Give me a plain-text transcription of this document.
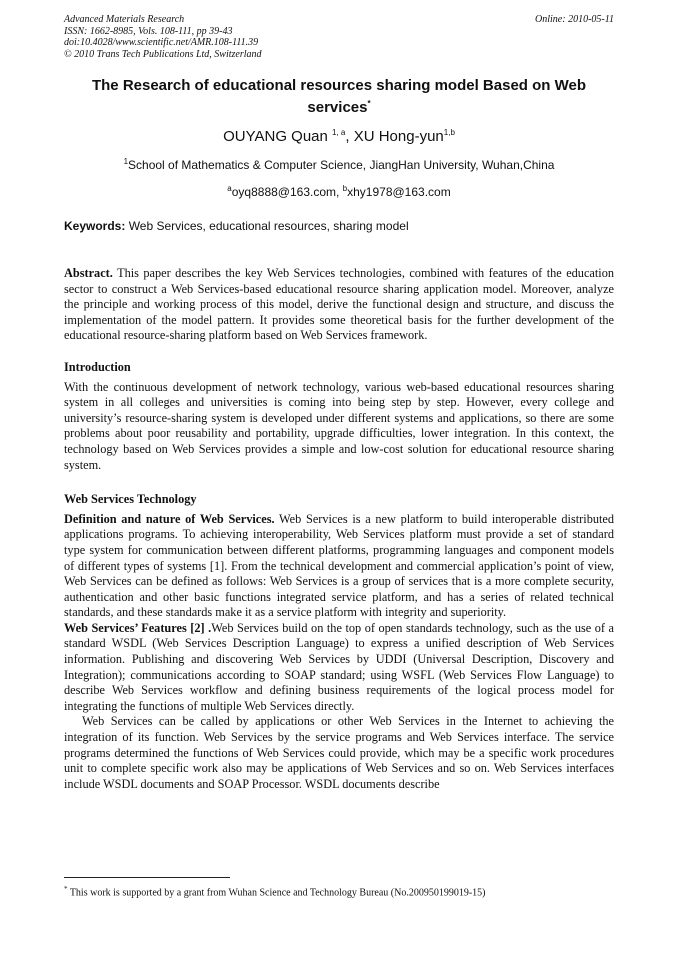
Advanced Materials Research
ISSN: 1662-8985, Vols. 108-111, pp 39-43
doi:10.4028/www.scientific.net/AMR.108-111.39
© 2010 Trans Tech Publications Ltd, Switzerland
Online: 2010-05-11
The Research of educational resources sharing model Based on Web services*
OUYANG Quan $^{1, a}$, XU Hong-yun$^{1,b}$
$^1$School of Mathematics & Computer Science, JiangHan University, Wuhan,China
$^a$oyq8888@163.com, $^b$xhy1978@163.com
Keywords: Web Services, educational resources, sharing model

Abstract. This paper describes the key Web Services technologies, combined with features of the education sector to construct a Web Services-based educational resource sharing application model. Moreover, analyze the principle and working process of this model, derive the functional design and structure, and discuss the implementation of the model pattern. It provides some theoretical basis for the further development of the educational resource-sharing platform based on Web Services framework.

Introduction

With the continuous development of network technology, various web-based educational resources sharing system in all colleges and universities is coming into being step by step. However, every college and university’s resource-sharing system is developed under different systems and applications, so there are some problems about poor reusability and portability, upgrade difficulties, lower integration. In this context, the technology based on Web Services provides a simple and low-cost solution for educational resource sharing system.

Web Services Technology

Definition and nature of Web Services. Web Services is a new platform to build interoperable distributed applications programs. To achieving interoperability, Web Services platform must provide a set of standard type system for communication between different platforms, programming languages and component models of different types of systems [1]. From the technical development and commercial application’s point of view, Web Services can be defined as follows: Web Services is a group of services that is a more complete security, authentication and other basic functions integrated service platform, and has a series of related technical standards, and these standards make it as a service platform with integrity and superiority.

Web Services’ Features [2] .Web Services build on the top of open standards technology, such as the use of a standard WSDL (Web Services Description Language) to express a unified description of Web Services information. Publishing and discovering Web Services by UDDI (Universal Description, Discovery and Integration); communications according to SOAP standard; using WSFL (Web Services Flow Language) to describe Web Services workflow and defining business requirements of the logical process model for integrating the functions of multiple Web Services directly.

Web Services can be called by applications or other Web Services in the Internet to achieving the integration of its function. Web Services by the service programs and Web Services interface. The service programs determined the functions of Web Services could provide, which may be a specific work procedures unit to complete specific work also may be applications of Web Services and so on. Web Services interfaces include WSDL documents and SOAP Processor. WSDL documents describe

* This work is supported by a grant from Wuhan Science and Technology Bureau (No.200950199019-15)
